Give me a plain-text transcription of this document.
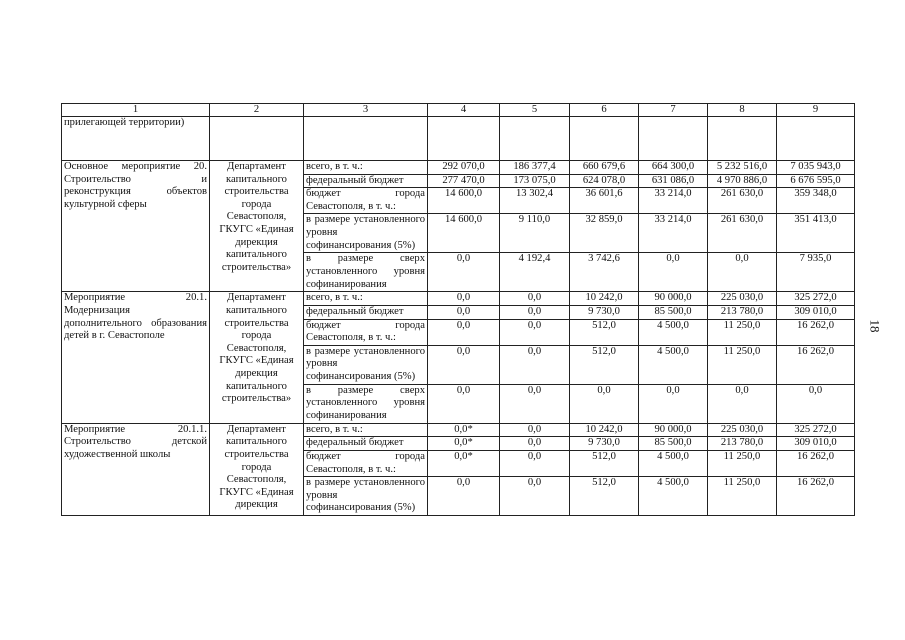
1	2	3	4	5	6	7	8	9
прилегающей территории)								
Основное мероприятие 20. Строительство и реконструкция объектов культурной сферы	Департамент капитального строительства города Севастополя, ГКУГС «Единая дирекция капитального строительства»	всего, в т. ч.:	292 070,0	186 377,4	660 679,6	664 300,0	5 232 516,0	7 035 943,0
		федеральный бюджет	277 470,0	173 075,0	624 078,0	631 086,0	4 970 886,0	6 676 595,0
		бюджет города Севастополя, в т. ч.:	14 600,0	13 302,4	36 601,6	33 214,0	261 630,0	359 348,0
		в размере установленного уровня софинансирования (5%)	14 600,0	9 110,0	32 859,0	33 214,0	261 630,0	351 413,0
		в размере сверх установленного уровня софинанирования	0,0	4 192,4	3 742,6	0,0	0,0	7 935,0
Мероприятие 20.1. Модернизация дополнительного образования детей в г. Севастополе	Департамент капитального строительства города Севастополя, ГКУГС «Единая дирекция капитального строительства»	всего, в т. ч.:	0,0	0,0	10 242,0	90 000,0	225 030,0	325 272,0
		федеральный бюджет	0,0	0,0	9 730,0	85 500,0	213 780,0	309 010,0
		бюджет города Севастополя, в т. ч.:	0,0	0,0	512,0	4 500,0	11 250,0	16 262,0
		в размере установленного уровня софинансирования (5%)	0,0	0,0	512,0	4 500,0	11 250,0	16 262,0
		в размере сверх установленного уровня софинанирования	0,0	0,0	0,0	0,0	0,0	0,0
Мероприятие 20.1.1. Строительство детской художественной школы	Департамент капитального строительства города Севастополя, ГКУГС «Единая дирекция	всего, в т. ч.:	0,0*	0,0	10 242,0	90 000,0	225 030,0	325 272,0
		федеральный бюджет	0,0*	0,0	9 730,0	85 500,0	213 780,0	309 010,0
		бюджет города Севастополя, в т. ч.:	0,0*	0,0	512,0	4 500,0	11 250,0	16 262,0
		в размере установленного уровня софинансирования (5%)	0,0	0,0	512,0	4 500,0	11 250,0	16 262,0
18
